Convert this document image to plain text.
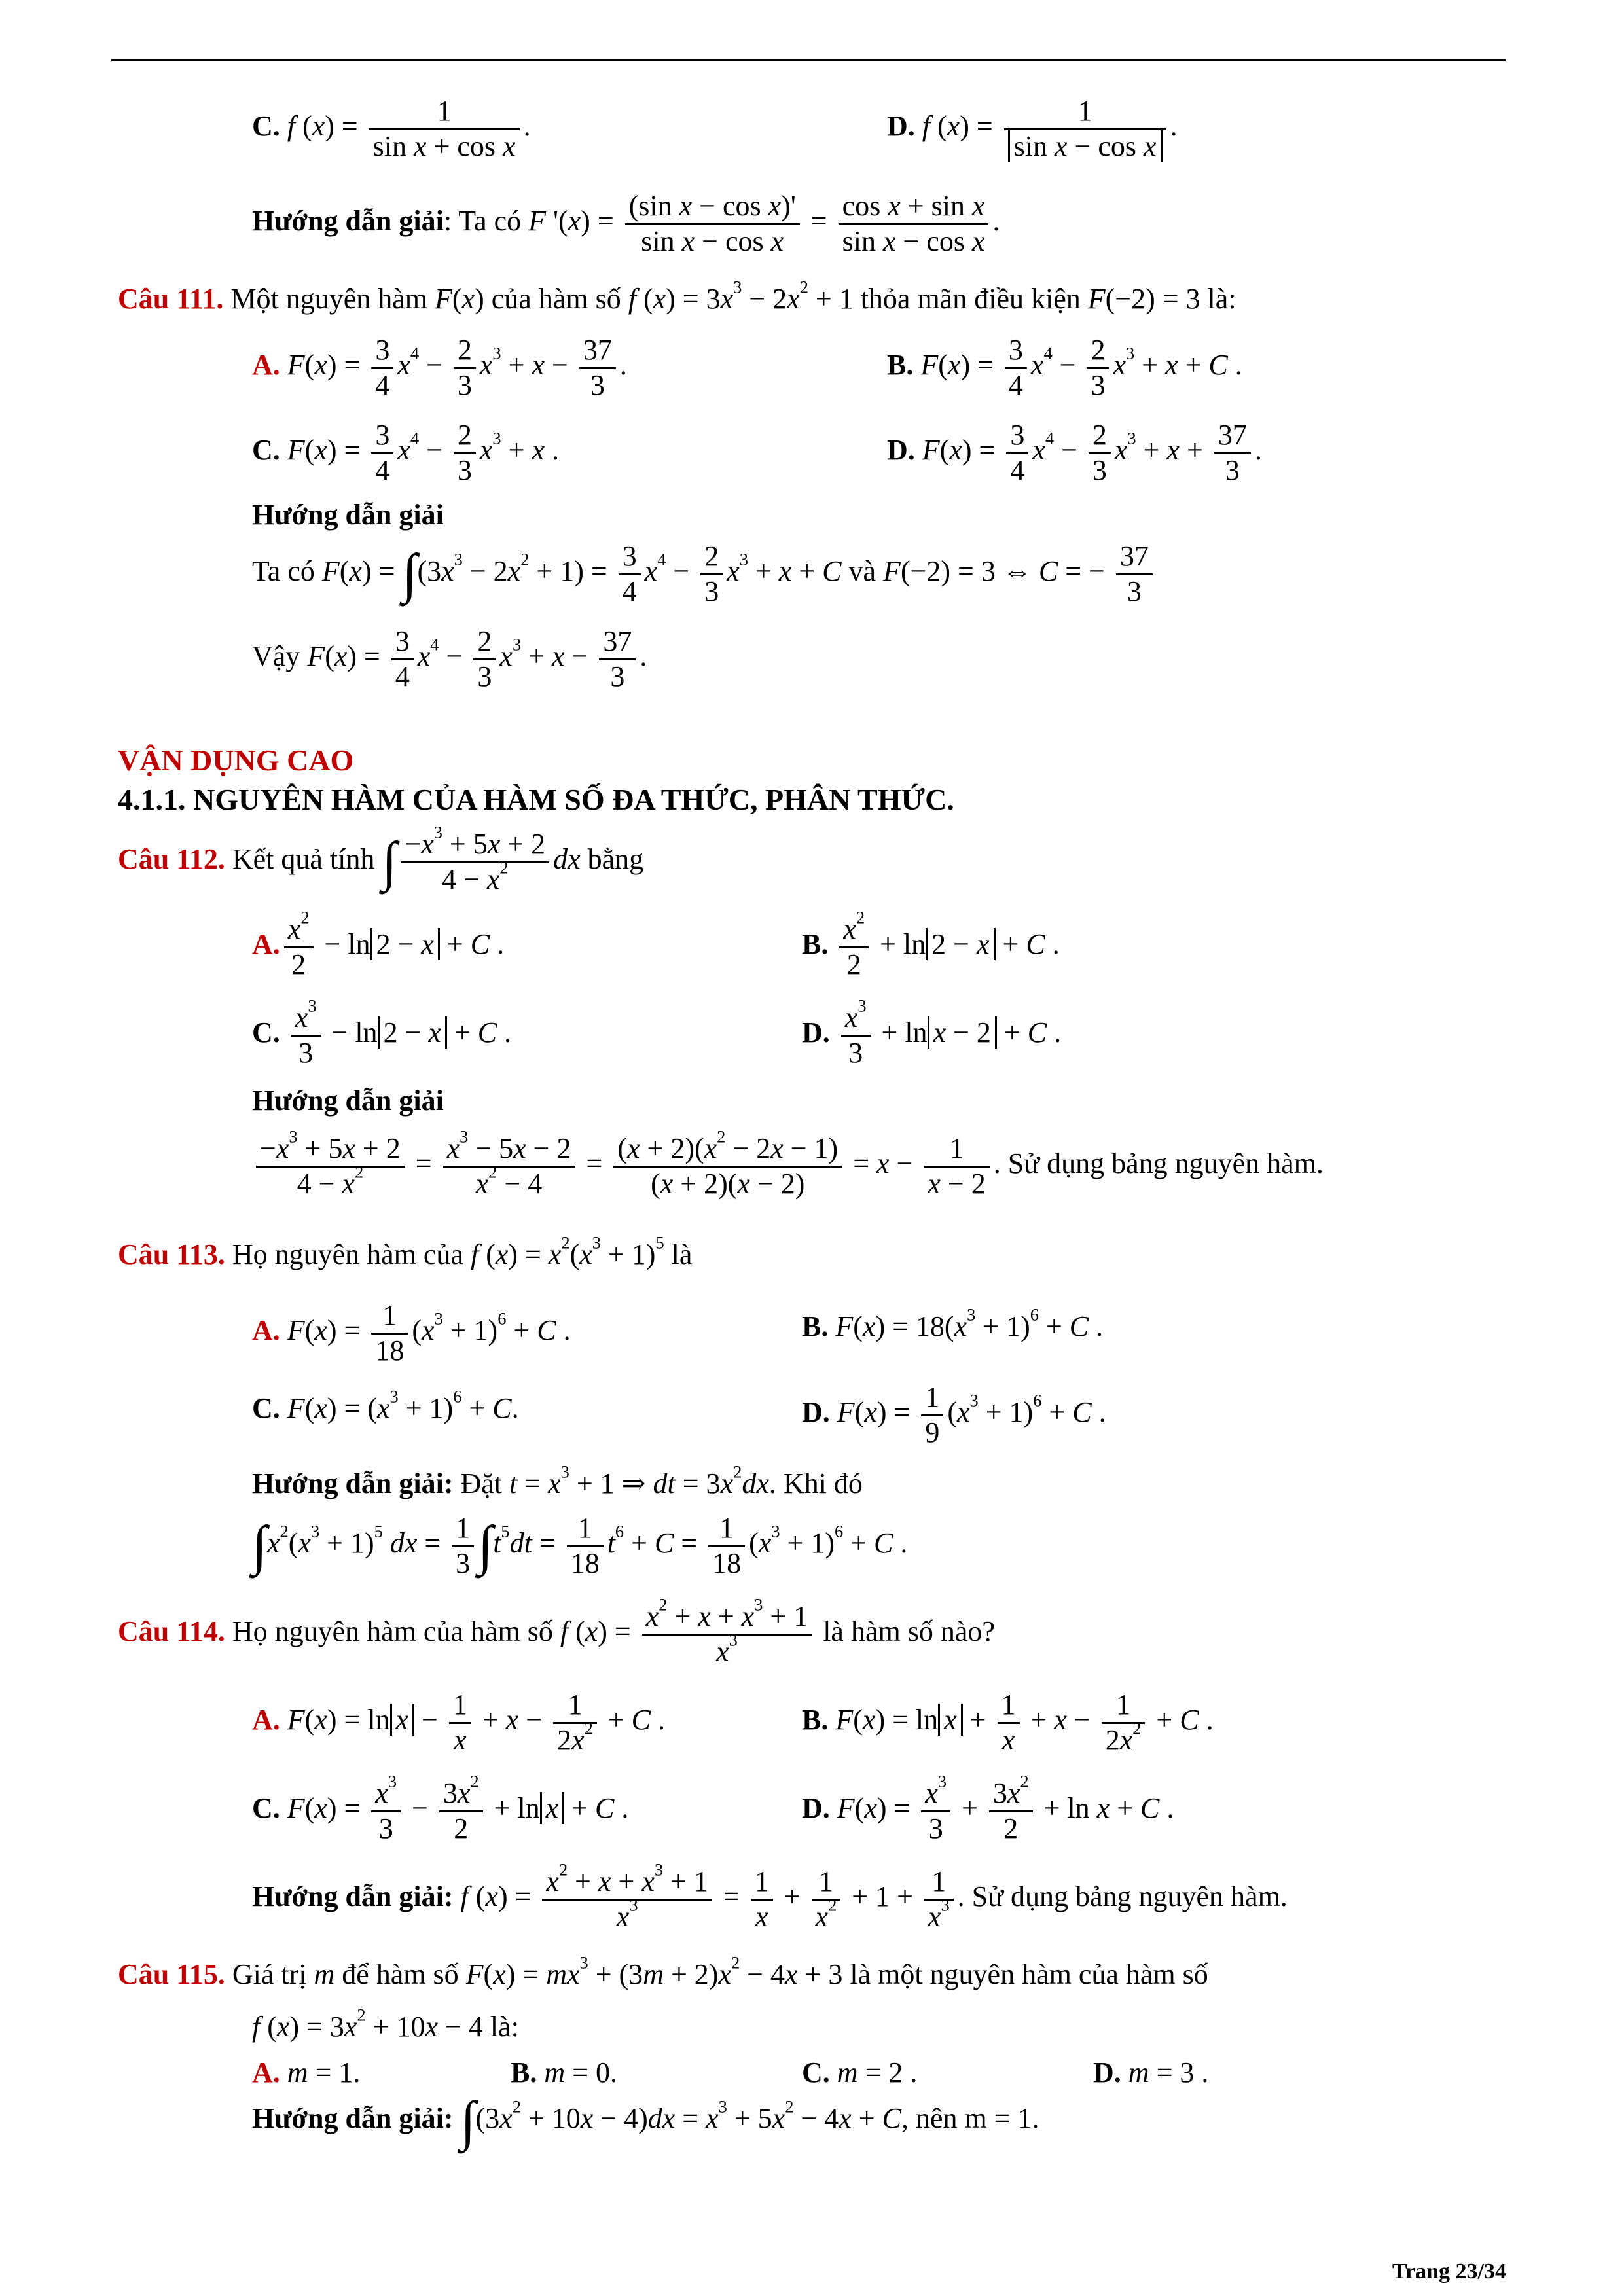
C. f $(x) = \frac{1}{\text{sin x + cos x}}$ .	D. f $(x) = \frac{1}{\text{sin x − cos x}}$ .
Hướng dẫn giải: Ta có F '$(x) = \frac{\text{(sin x − cos x)'}}{\text{sin x − cos x}} = \frac{\text{cos x + sin x}}{\text{sin x − cos x}}$ .
Câu 111. Một nguyên hàm F(x) của hàm số f $(x) = 3x^3 - 2x^2 + 1$ thỏa mãn điều kiện F(−2) = 3 là:
A. $F(x) = \frac{3}{4} x^4 - \frac{2}{3} x^3 + x - \frac{37}{3}$ .	B. $F(x) = \frac{3}{4} x^4 - \frac{2}{3} x^3 + x + C$ .
C. $F(x) = \frac{3}{4} x^4 - \frac{2}{3} x^3 + x$ .	D. $F(x) = \frac{3}{4} x^4 - \frac{2}{3} x^3 + x + \frac{37}{3}$ .
Hướng dẫn giải
Ta có $F(x) = \int(3x^3 - 2x^2 + 1) = \frac{3}{4} x^4 - \frac{2}{3} x^3 + x + C$ và F(−2) = 3 ⇔ C = − $\frac{37}{3}$
Vậy $F(x) = \frac{3}{4} x^4 - \frac{2}{3} x^3 + x - \frac{37}{3}$ .
VẬN DỤNG CAO
4.1.1. NGUYÊN HÀM CỦA HÀM SỐ ĐA THỨC, PHÂN THỨC.
Câu 112. Kết quả tính ∫ $\frac{-x^3 + 5x + 2}{4 - x^2}$ dx bằng
A. $\frac{x^2}{2} - \ln 2 - x + C$ .	B. $\frac{x^2}{2} + \ln 2 - x + C$ .
C. $\frac{x^3}{3} - \ln 2 - x + C$ .	D. $\frac{x^3}{3} + \ln x - 2 + C$ .
Hướng dẫn giải
$\frac{-x^3 + 5x + 2}{4 - x^2} = \frac{x^3 - 5x - 2}{x^2 - 4} = \frac{(x + 2)(x^2 - 2x - 1)}{(x + 2)(x - 2)} = x - \frac{1}{x - 2}$ . Sử dụng bảng nguyên hàm.
Câu 113. Họ nguyên hàm của f $(x) = x^2(x^3 + 1)^5$ là
A. $F(x) = \frac{1}{18} (x^3 + 1)^6 + C$ .	B. $F(x) = 18(x^3 + 1)^6 + C$ .
C. $F(x) = (x^3 + 1)^6 + C$.	D. $F(x) = \frac{1}{9} (x^3 + 1)^6 + C$ .
Hướng dẫn giải: Đặt $t = x^3 + 1$ ⇒ dt = $3x^2dx$. Khi đó
$\int x^2(x^3 + 1)^5$ dx = $\frac{1}{3} \int t^5dt = \frac{1}{18} t^6 + C = \frac{1}{18} (x^3 + 1)^6 + C$ .
Câu 114. Họ nguyên hàm của hàm số f $(x) = \frac{x^2 + x + x^3 + 1}{x^3}$ là hàm số nào?
A. $F(x) = \ln x - \frac{1}{x} + x - \frac{1}{2x^2} + C$ .	B. $F(x) = \ln x + \frac{1}{x} + x - \frac{1}{2x^2} + C$ .
C. $F(x) = \frac{x^3}{3} - \frac{3x^2}{2} + \ln x + C$ .	D. $F(x) = \frac{x^3}{3} + \frac{3x^2}{2} + \ln x + C$ .
Hướng dẫn giải: f $(x) = \frac{x^2 + x + x^3 + 1}{x^3} = \frac{1}{x} + \frac{1}{x^2} + 1 + \frac{1}{x^3}$ . Sử dụng bảng nguyên hàm.
Câu 115. Giá trị m để hàm số $F(x) = mx^3 + (3m + 2)x^2 - 4x + 3$ là một nguyên hàm của hàm số
f $(x) = 3x^2 + 10x - 4$ là:
A. m = 1.	B. m = 0.	C. m = 2 .	D. m = 3 .
Hướng dẫn giải: $\int(3x^2 + 10x - 4)dx = x^3 + 5x^2 - 4x + C$, nên m = 1.
Trang 23/34
